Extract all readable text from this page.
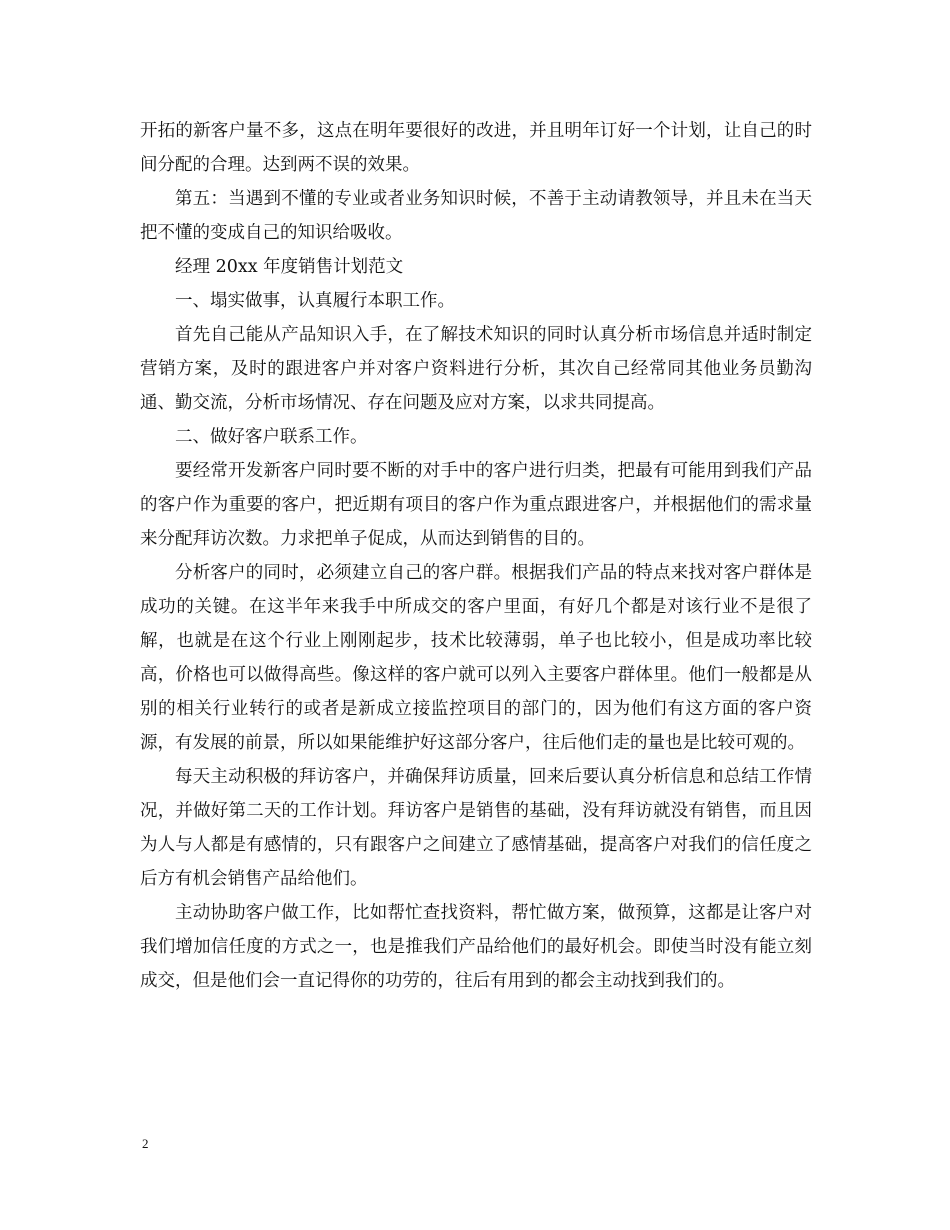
开拓的新客户量不多，这点在明年要很好的改进，并且明年订好一个计划，让自己的时间分配的合理。达到两不误的效果。

第五：当遇到不懂的专业或者业务知识时候，不善于主动请教领导，并且未在当天把不懂的变成自己的知识给吸收。

经理 20xx 年度销售计划范文

一、塌实做事，认真履行本职工作。

首先自己能从产品知识入手，在了解技术知识的同时认真分析市场信息并适时制定营销方案，及时的跟进客户并对客户资料进行分析，其次自己经常同其他业务员勤沟通、勤交流，分析市场情况、存在问题及应对方案，以求共同提高。

二、做好客户联系工作。

要经常开发新客户同时要不断的对手中的客户进行归类，把最有可能用到我们产品的客户作为重要的客户，把近期有项目的客户作为重点跟进客户，并根据他们的需求量来分配拜访次数。力求把单子促成，从而达到销售的目的。

分析客户的同时，必须建立自己的客户群。根据我们产品的特点来找对客户群体是成功的关键。在这半年来我手中所成交的客户里面，有好几个都是对该行业不是很了解，也就是在这个行业上刚刚起步，技术比较薄弱，单子也比较小，但是成功率比较高，价格也可以做得高些。像这样的客户就可以列入主要客户群体里。他们一般都是从别的相关行业转行的或者是新成立接监控项目的部门的，因为他们有这方面的客户资源，有发展的前景，所以如果能维护好这部分客户，往后他们走的量也是比较可观的。

每天主动积极的拜访客户，并确保拜访质量，回来后要认真分析信息和总结工作情况，并做好第二天的工作计划。拜访客户是销售的基础，没有拜访就没有销售，而且因为人与人都是有感情的，只有跟客户之间建立了感情基础，提高客户对我们的信任度之后方有机会销售产品给他们。

主动协助客户做工作，比如帮忙查找资料，帮忙做方案，做预算，这都是让客户对我们增加信任度的方式之一，也是推我们产品给他们的最好机会。即使当时没有能立刻成交，但是他们会一直记得你的功劳的，往后有用到的都会主动找到我们的。

2
